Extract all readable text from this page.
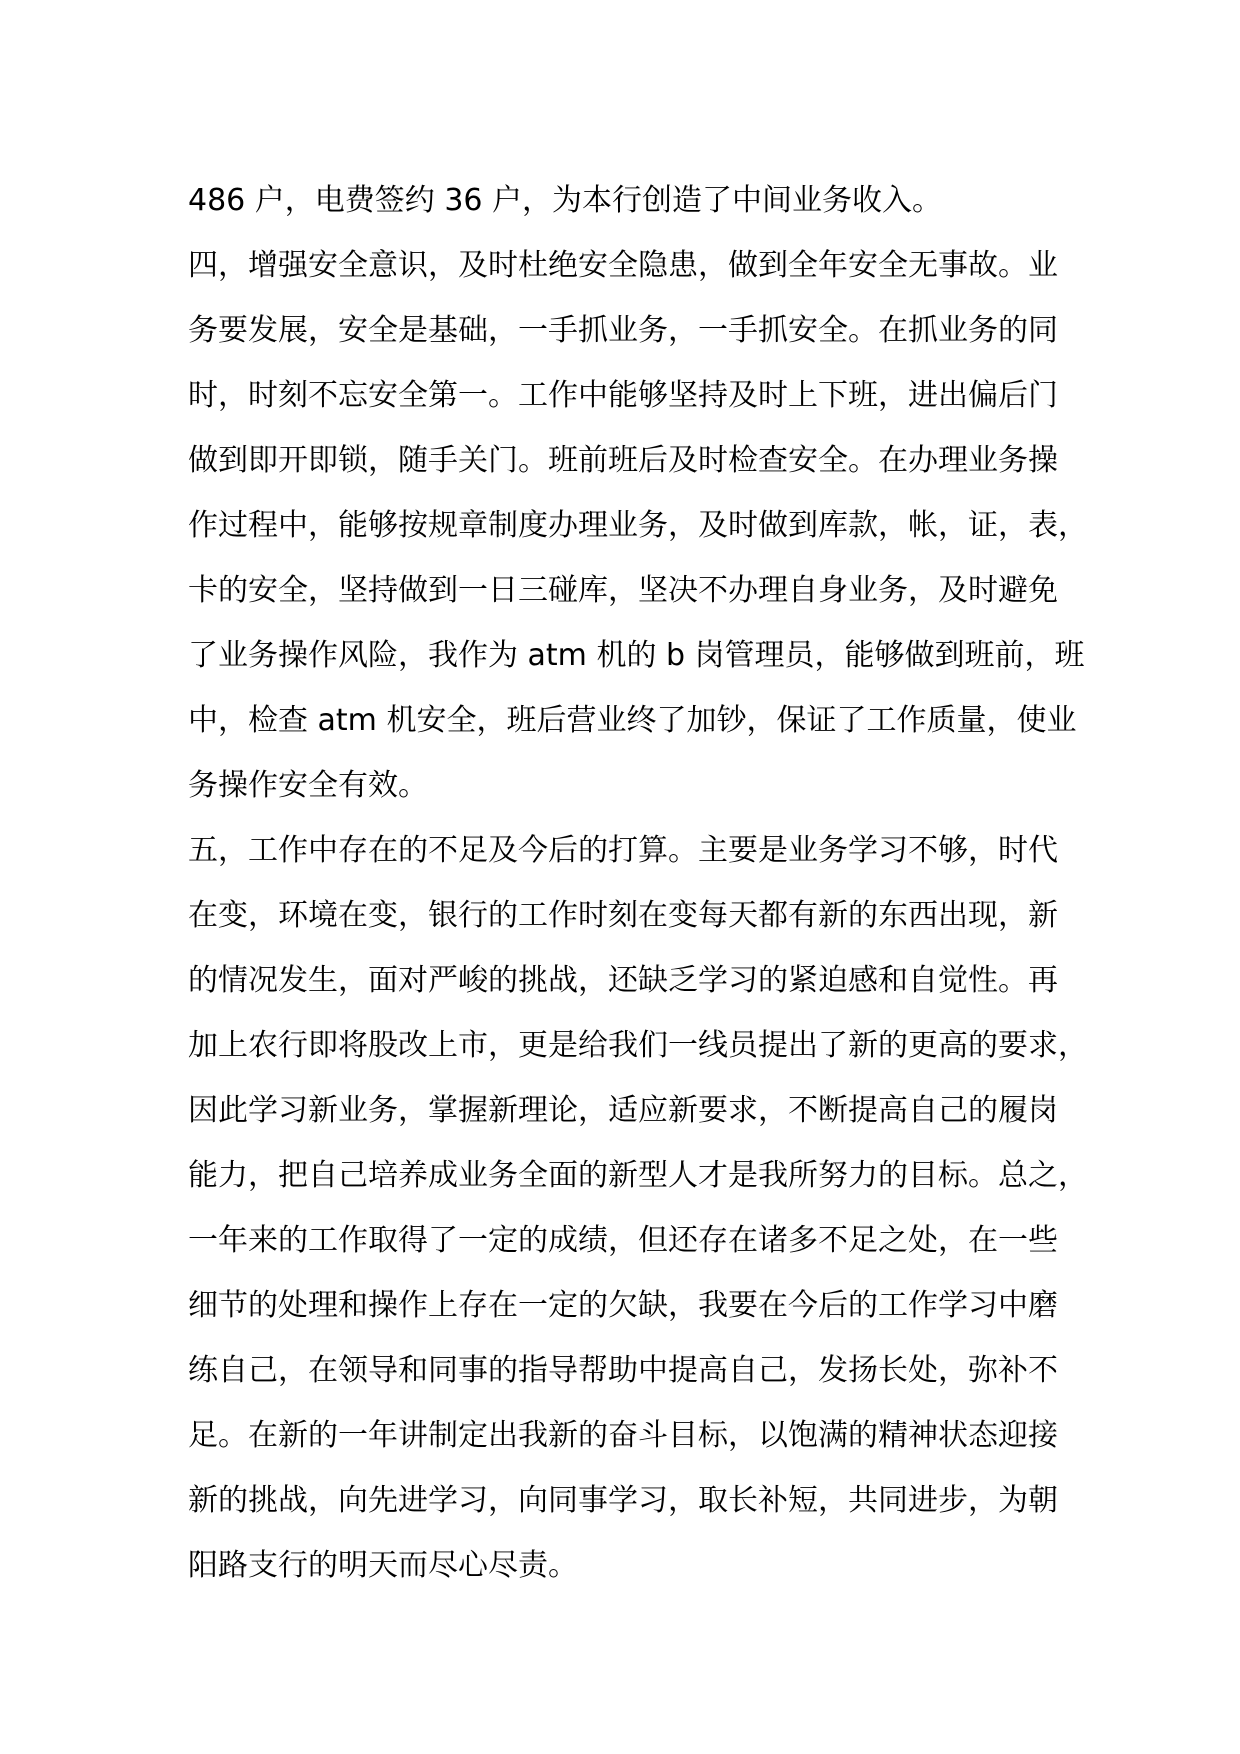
486 户，电费签约 36 户，为本行创造了中间业务收入。
四，增强安全意识，及时杜绝安全隐患，做到全年安全无事故。业
务要发展，安全是基础，一手抓业务，一手抓安全。在抓业务的同
时，时刻不忘安全第一。工作中能够坚持及时上下班，进出偏后门
做到即开即锁，随手关门。班前班后及时检查安全。在办理业务操
作过程中，能够按规章制度办理业务，及时做到库款，帐，证，表，
卡的安全，坚持做到一日三碰库，坚决不办理自身业务，及时避免
了业务操作风险，我作为 atm 机的 b 岗管理员，能够做到班前，班
中，检查 atm 机安全，班后营业终了加钞，保证了工作质量，使业
务操作安全有效。
五，工作中存在的不足及今后的打算。主要是业务学习不够，时代
在变，环境在变，银行的工作时刻在变每天都有新的东西出现，新
的情况发生，面对严峻的挑战，还缺乏学习的紧迫感和自觉性。再
加上农行即将股改上市，更是给我们一线员提出了新的更高的要求，
因此学习新业务，掌握新理论，适应新要求，不断提高自己的履岗
能力，把自己培养成业务全面的新型人才是我所努力的目标。总之，
一年来的工作取得了一定的成绩，但还存在诸多不足之处，在一些
细节的处理和操作上存在一定的欠缺，我要在今后的工作学习中磨
练自己，在领导和同事的指导帮助中提高自己，发扬长处，弥补不
足。在新的一年讲制定出我新的奋斗目标，以饱满的精神状态迎接
新的挑战，向先进学习，向同事学习，取长补短，共同进步，为朝
阳路支行的明天而尽心尽责。
